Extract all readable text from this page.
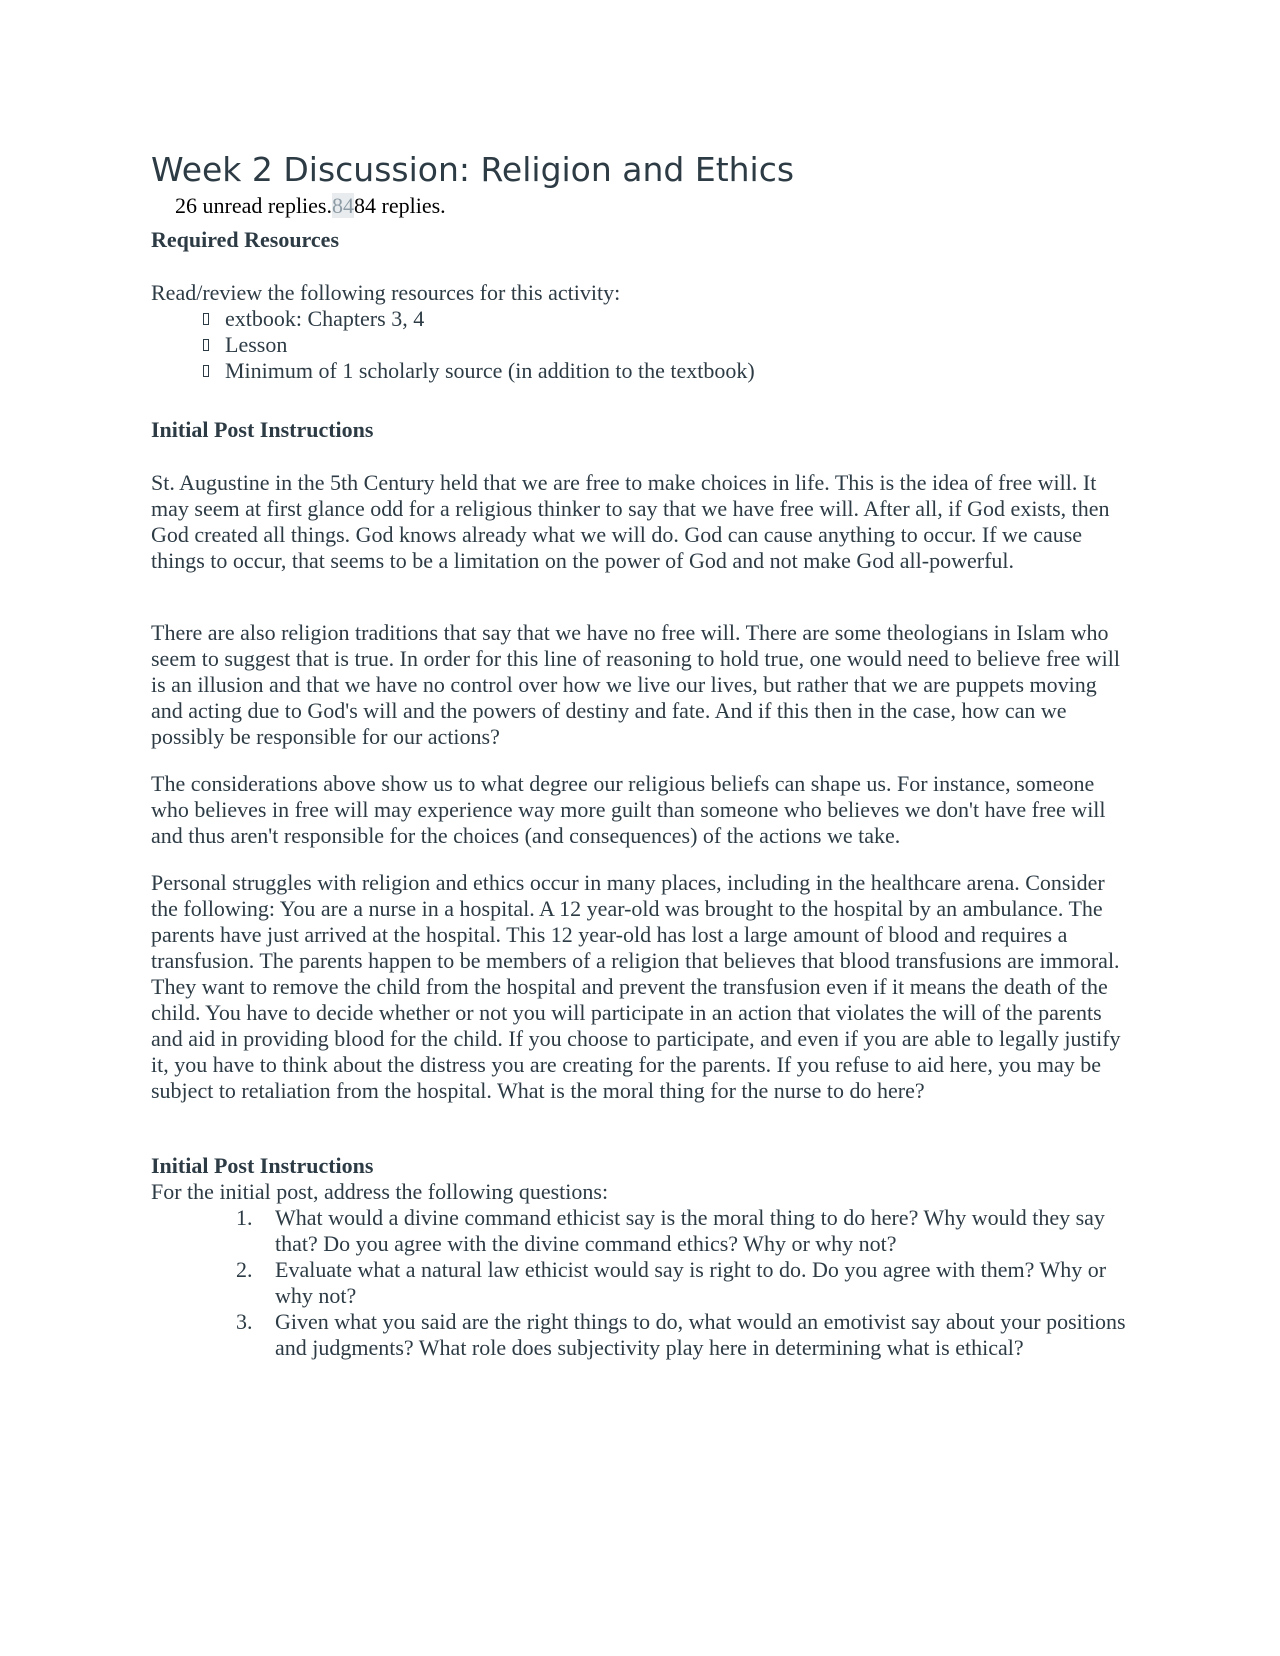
Week 2 Discussion: Religion and Ethics
26 unread replies.8484 replies.
Required Resources

Read/review the following resources for this activity:

extbook: Chapters 3, 4
Lesson
Minimum of 1 scholarly source (in addition to the textbook)
Initial Post Instructions

St. Augustine in the 5th Century held that we are free to make choices in life. This is the idea of free will. It may seem at first glance odd for a religious thinker to say that we have free will. After all, if God exists, then God created all things. God knows already what we will do. God can cause anything to occur. If we cause things to occur, that seems to be a limitation on the power of God and not make God all-powerful.

There are also religion traditions that say that we have no free will. There are some theologians in Islam who seem to suggest that is true. In order for this line of reasoning to hold true, one would need to believe free will is an illusion and that we have no control over how we live our lives, but rather that we are puppets moving and acting due to God's will and the powers of destiny and fate. And if this then in the case, how can we possibly be responsible for our actions?

The considerations above show us to what degree our religious beliefs can shape us. For instance, someone who believes in free will may experience way more guilt than someone who believes we don't have free will and thus aren't responsible for the choices (and consequences) of the actions we take.

Personal struggles with religion and ethics occur in many places, including in the healthcare arena. Consider the following: You are a nurse in a hospital. A 12 year-old was brought to the hospital by an ambulance. The parents have just arrived at the hospital. This 12 year-old has lost a large amount of blood and requires a transfusion. The parents happen to be members of a religion that believes that blood transfusions are immoral. They want to remove the child from the hospital and prevent the transfusion even if it means the death of the child. You have to decide whether or not you will participate in an action that violates the will of the parents and aid in providing blood for the child. If you choose to participate, and even if you are able to legally justify it, you have to think about the distress you are creating for the parents. If you refuse to aid here, you may be subject to retaliation from the hospital. What is the moral thing for the nurse to do here?

Initial Post Instructions
For the initial post, address the following questions:
1. What would a divine command ethicist say is the moral thing to do here? Why would they say that? Do you agree with the divine command ethics? Why or why not?
2. Evaluate what a natural law ethicist would say is right to do. Do you agree with them? Why or why not?
3. Given what you said are the right things to do, what would an emotivist say about your positions and judgments? What role does subjectivity play here in determining what is ethical?
